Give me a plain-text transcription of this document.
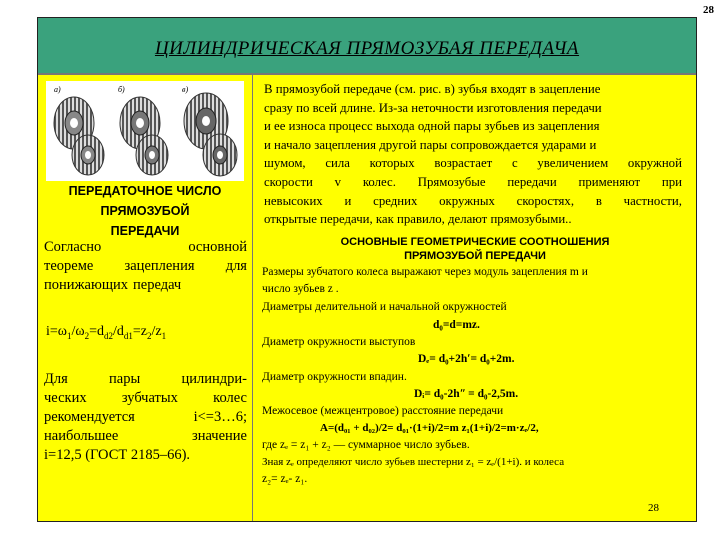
28
ЦИЛИНДРИЧЕСКАЯ ПРЯМОЗУБАЯ ПЕРЕДАЧА
а)	б)	в)
ПЕРЕДАТОЧНОЕ ЧИСЛО
ПРЯМОЗУБОЙ
ПЕРЕДАЧИ
Согласно	основной
теореме зацепления для
понижающих передач
$i=\omega_1/\omega_2=d_{d2}/d_{d1}=z_2/z_1$
Для	пары	цилиндри-
ческих зубчатых колес
рекомендуется	i<=3…6;
наибольшее	значение
i=12,5 (ГОСТ 2185–66).
В прямозубой передаче (см. рис. в) зубья входят в зацепление
сразу по всей длине. Из-за неточности изготовления передачи
и ее износа процесс выхода одной пары зубьев из зацепления
и начало зацепления другой пары сопровождается ударами и
шумом, сила которых возрастает с увеличением окружной
скорости v колес. Прямозубые передачи применяют при
невысоких и средних окружных скоростях, в частности,
открытые передачи, как правило, делают прямозубыми..
ОСНОВНЫЕ ГЕОМЕТРИЧЕСКИЕ СООТНОШЕНИЯ
ПРЯМОЗУБОЙ ПЕРЕДАЧИ
Размеры зубчатого колеса выражают через модуль зацепления m и
число зубьев z .
Диаметры делительной и начальной окружностей
d₀=d=mz.
Диаметр окружности выступов
Dₑ= d₀+2hʹ= d₀+2m.
Диаметр окружности впадин.
Dᵢ= d₀-2hʺ = d₀-2,5m.
Межосевое (межцентровое) расстояние передачи
A=(d₀₁ + d₀₂)/2= d₀₁·(1+i)/2=m z₁(1+i)/2=m·zₑ/2,
где zₑ = z₁ + z₂ — суммарное число зубьев.
Зная zₑ определяют число зубьев шестерни z₁ = zₑ/(1+i). и колеса
z₂= zₑ- z₁.
28
